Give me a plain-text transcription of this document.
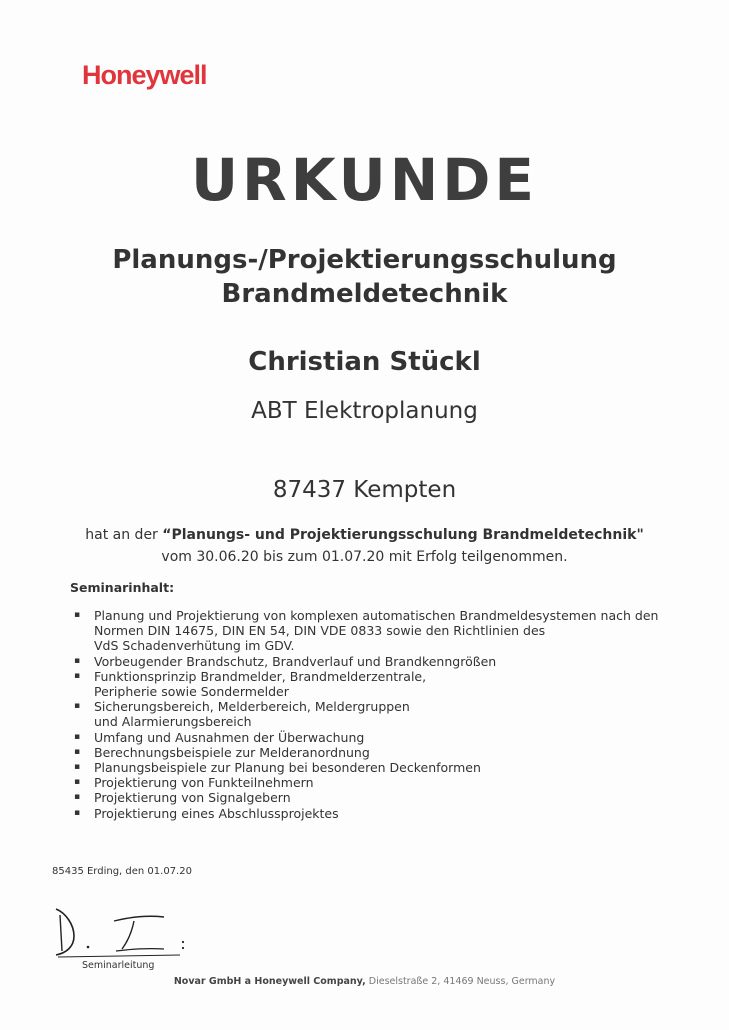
Honeywell
URKUNDE
Planungs-/Projektierungsschulung
Brandmeldetechnik
Christian Stückl
ABT Elektroplanung
87437 Kempten
hat an der “Planungs- und Projektierungsschulung Brandmeldetechnik"
vom 30.06.20 bis zum 01.07.20 mit Erfolg teilgenommen.
Seminarinhalt:
▪ Planung und Projektierung von komplexen automatischen Brandmeldesystemen nach den
Normen DIN 14675, DIN EN 54, DIN VDE 0833 sowie den Richtlinien des
VdS Schadenverhütung im GDV.
▪ Vorbeugender Brandschutz, Brandverlauf und Brandkenngrößen
▪ Funktionsprinzip Brandmelder, Brandmelderzentrale,
Peripherie sowie Sondermelder
▪ Sicherungsbereich, Melderbereich, Meldergruppen
und Alarmierungsbereich
▪ Umfang und Ausnahmen der Überwachung
▪ Berechnungsbeispiele zur Melderanordnung
▪ Planungsbeispiele zur Planung bei besonderen Deckenformen
▪ Projektierung von Funkteilnehmern
▪ Projektierung von Signalgebern
▪ Projektierung eines Abschlussprojektes
85435 Erding, den 01.07.20
Seminarleitung
Novar GmbH a Honeywell Company, Dieselstraße 2, 41469 Neuss, Germany
